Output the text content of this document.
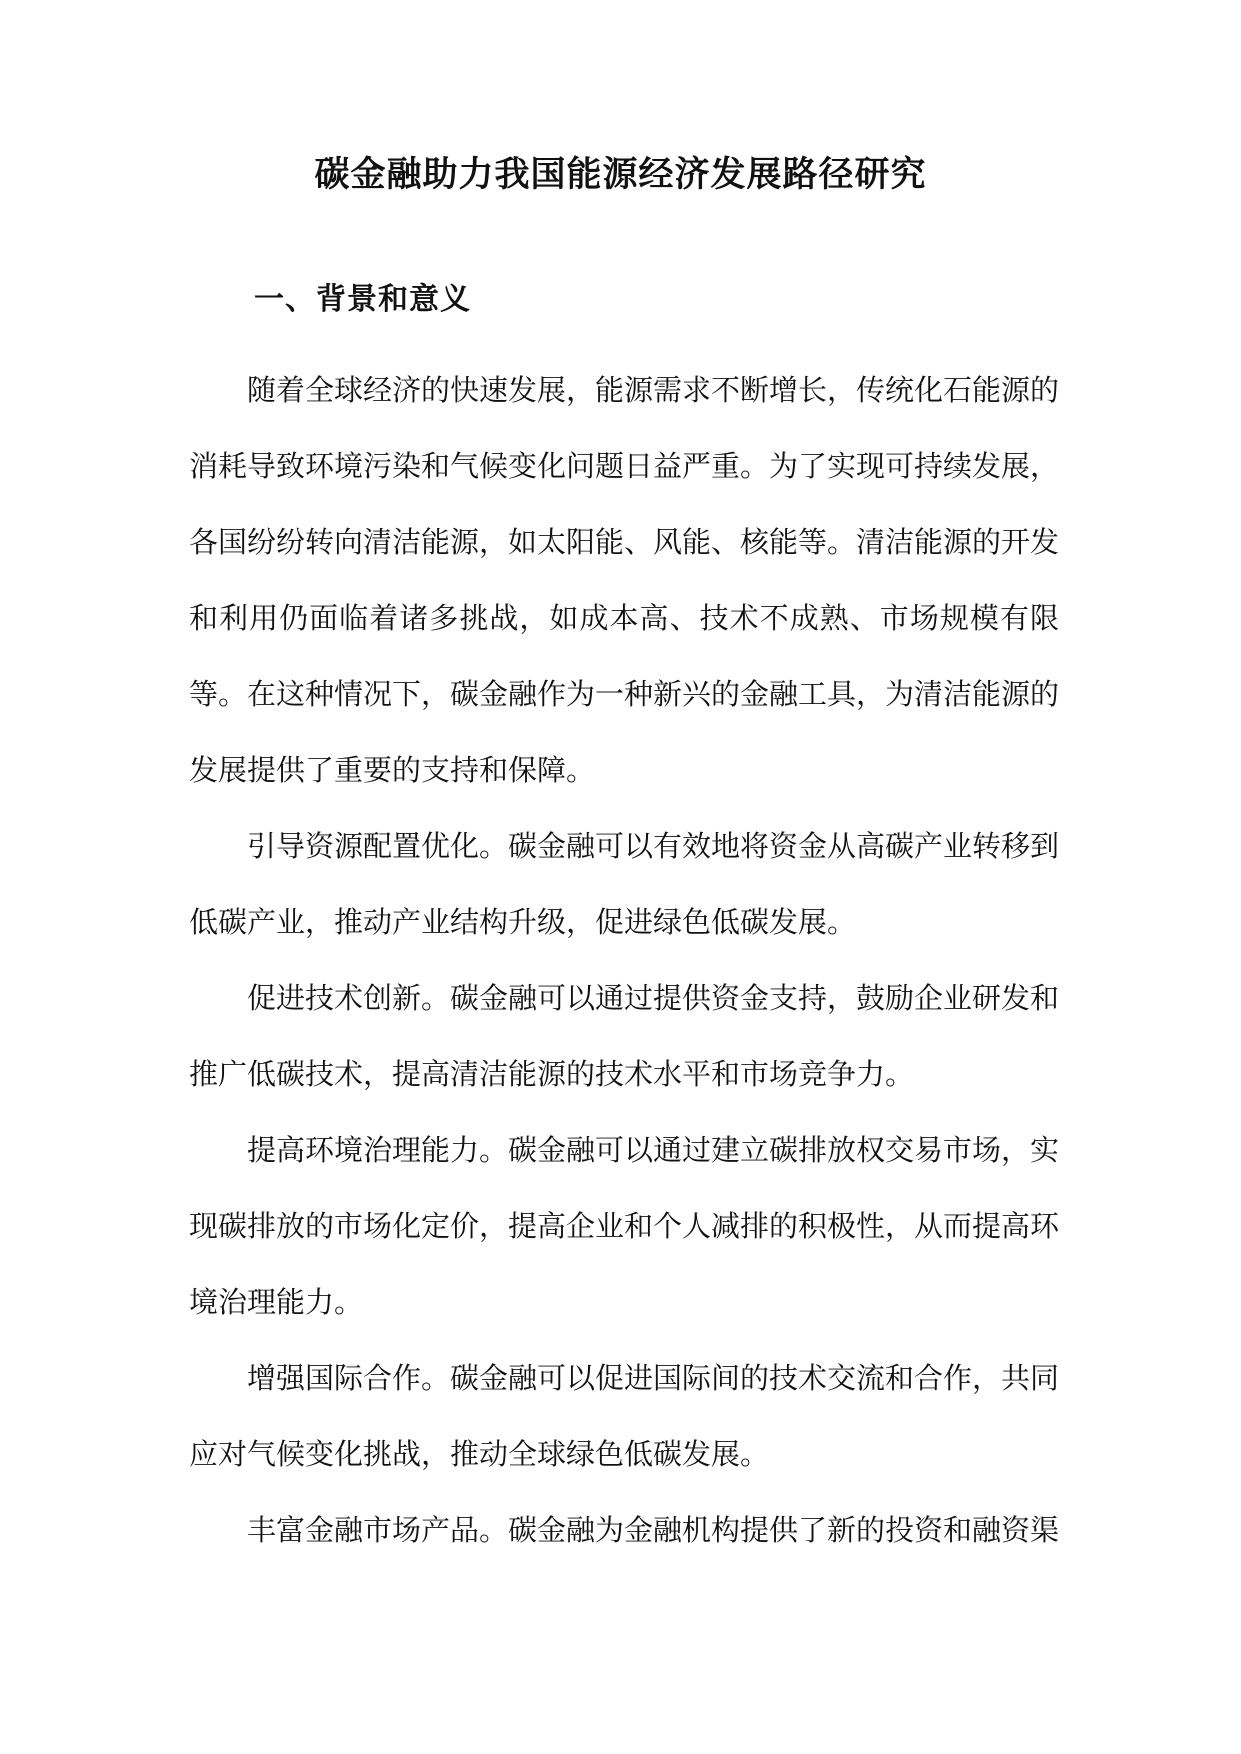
碳金融助力我国能源经济发展路径研究
一、背景和意义

随着全球经济的快速发展，能源需求不断增长，传统化石能源的消耗导致环境污染和气候变化问题日益严重。为了实现可持续发展，各国纷纷转向清洁能源，如太阳能、风能、核能等。清洁能源的开发和利用仍面临着诸多挑战，如成本高、技术不成熟、市场规模有限等。在这种情况下，碳金融作为一种新兴的金融工具，为清洁能源的发展提供了重要的支持和保障。

引导资源配置优化。碳金融可以有效地将资金从高碳产业转移到低碳产业，推动产业结构升级，促进绿色低碳发展。

促进技术创新。碳金融可以通过提供资金支持，鼓励企业研发和推广低碳技术，提高清洁能源的技术水平和市场竞争力。

提高环境治理能力。碳金融可以通过建立碳排放权交易市场，实现碳排放的市场化定价，提高企业和个人减排的积极性，从而提高环境治理能力。

增强国际合作。碳金融可以促进国际间的技术交流和合作，共同应对气候变化挑战，推动全球绿色低碳发展。

丰富金融市场产品。碳金融为金融机构提供了新的投资和融资渠
